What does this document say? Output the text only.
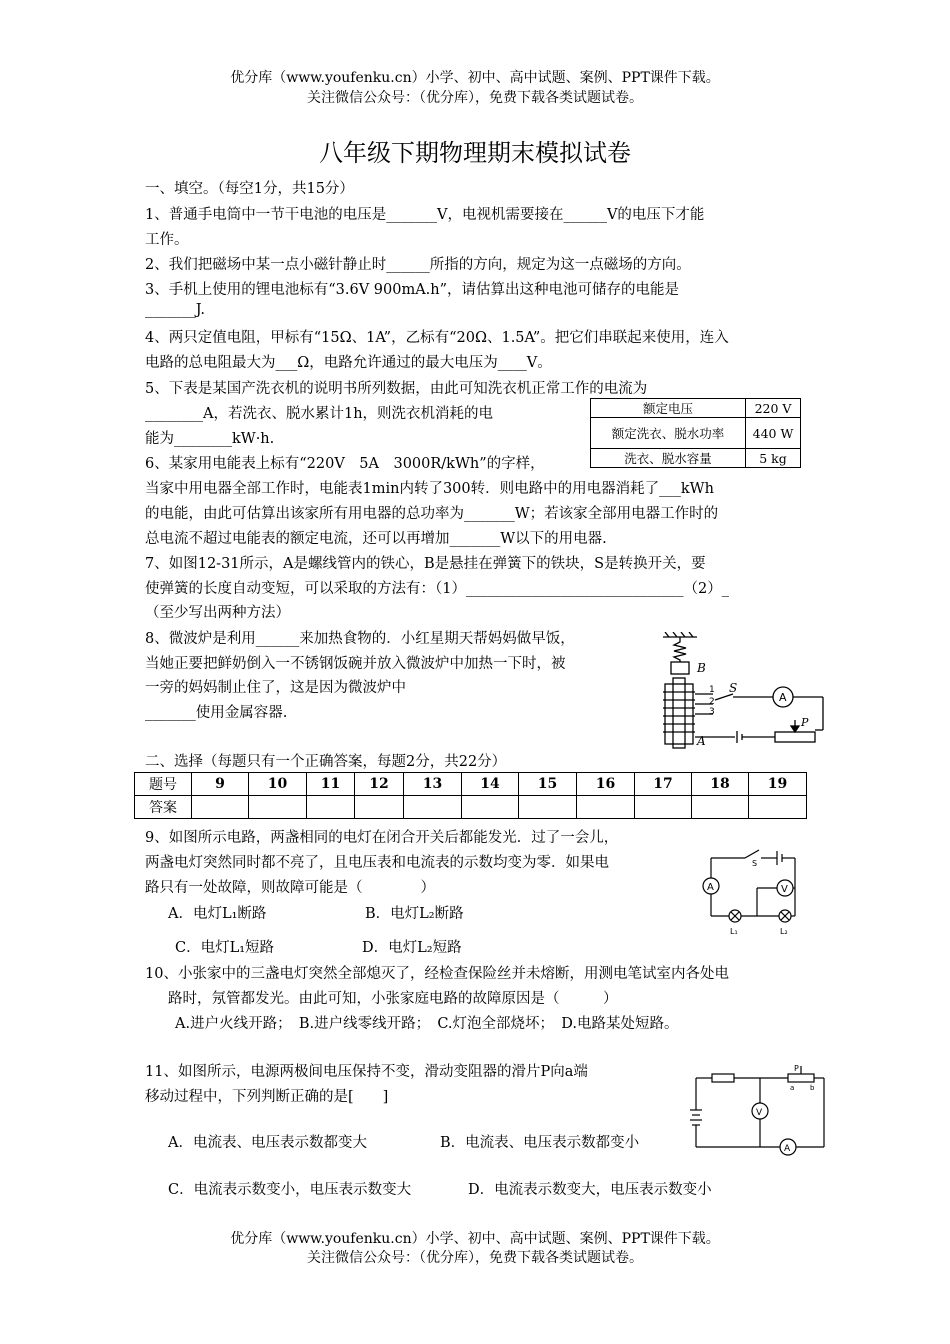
优分库（www.youfenku.cn）小学、初中、高中试题、案例、PPT课件下载。
关注微信公众号：（优分库），免费下载各类试题试卷。
八年级下期物理期末模拟试卷
一、填空。（每空1分，共15分）
1、普通手电筒中一节干电池的电压是_______V，电视机需要接在______V的电压下才能
工作。
2、我们把磁场中某一点小磁针静止时______所指的方向，规定为这一点磁场的方向。
3、手机上使用的锂电池标有“3.6V 900mA.h”，请估算出这种电池可储存的电能是
_______J.
4、两只定值电阻，甲标有“15Ω、1A”，乙标有“20Ω、1.5A”。把它们串联起来使用，连入
电路的总电阻最大为___Ω，电路允许通过的最大电压为____V。
5、下表是某国产洗衣机的说明书所列数据，由此可知洗衣机正常工作的电流为
________A，若洗衣、脱水累计1h，则洗衣机消耗的电
能为________kW·h.
6、某家用电能表上标有“220V　5A　3000R/kWh”的字样，
当家中用电器全部工作时，电能表1min内转了300转．则电路中的用电器消耗了___kWh
的电能，由此可估算出该家所有用电器的总功率为_______W；若该家全部用电器工作时的
总电流不超过电能表的额定电流，还可以再增加_______W以下的用电器.
7、如图12-31所示，A是螺线管内的铁心，B是悬挂在弹簧下的铁块，S是转换开关，要
使弹簧的长度自动变短，可以采取的方法有：（1）______________________________（2）_
（至少写出两种方法）
8、微波炉是利用______来加热食物的．小红星期天帮妈妈做早饭，
当她正要把鲜奶倒入一不锈钢饭碗并放入微波炉中加热一下时，被
一旁的妈妈制止住了，这是因为微波炉中
_______使用金属容器.
额定电压	220 V
额定洗衣、脱水功率	440 W
洗衣、脱水容量	5 kg
B
A
S
1
2
3
A
P
二、选择（每题只有一个正确答案，每题2分，共22分）
题号	9	10	11	12	13	14	15	16	17	18	19
答案											
9、如图所示电路，两盏相同的电灯在闭合开关后都能发光．过了一会儿，
两盏电灯突然同时都不亮了，且电压表和电流表的示数均变为零．如果电
路只有一处故障，则故障可能是（　　　　）
A．电灯L₁断路	B．电灯L₂断路
C．电灯L₁短路	D．电灯L₂短路
S
A	V
L₁	L₂
10、小张家中的三盏电灯突然全部熄灭了，经检查保险丝并未熔断，用测电笔试室内各处电
路时，氖管都发光。由此可知，小张家庭电路的故障原因是（　　　）
A.进户火线开路；　B.进户线零线开路；　C.灯泡全部烧坏；　D.电路某处短路。
11、如图所示，电源两极间电压保持不变，滑动变阻器的滑片P向a端
移动过程中，下列判断正确的是[　　]
A．电流表、电压表示数都变大	B．电流表、电压表示数都变小
C．电流表示数变小，电压表示数变大	D．电流表示数变大，电压表示数变小
P
a b
V
A
优分库（www.youfenku.cn）小学、初中、高中试题、案例、PPT课件下载。
关注微信公众号：（优分库），免费下载各类试题试卷。
